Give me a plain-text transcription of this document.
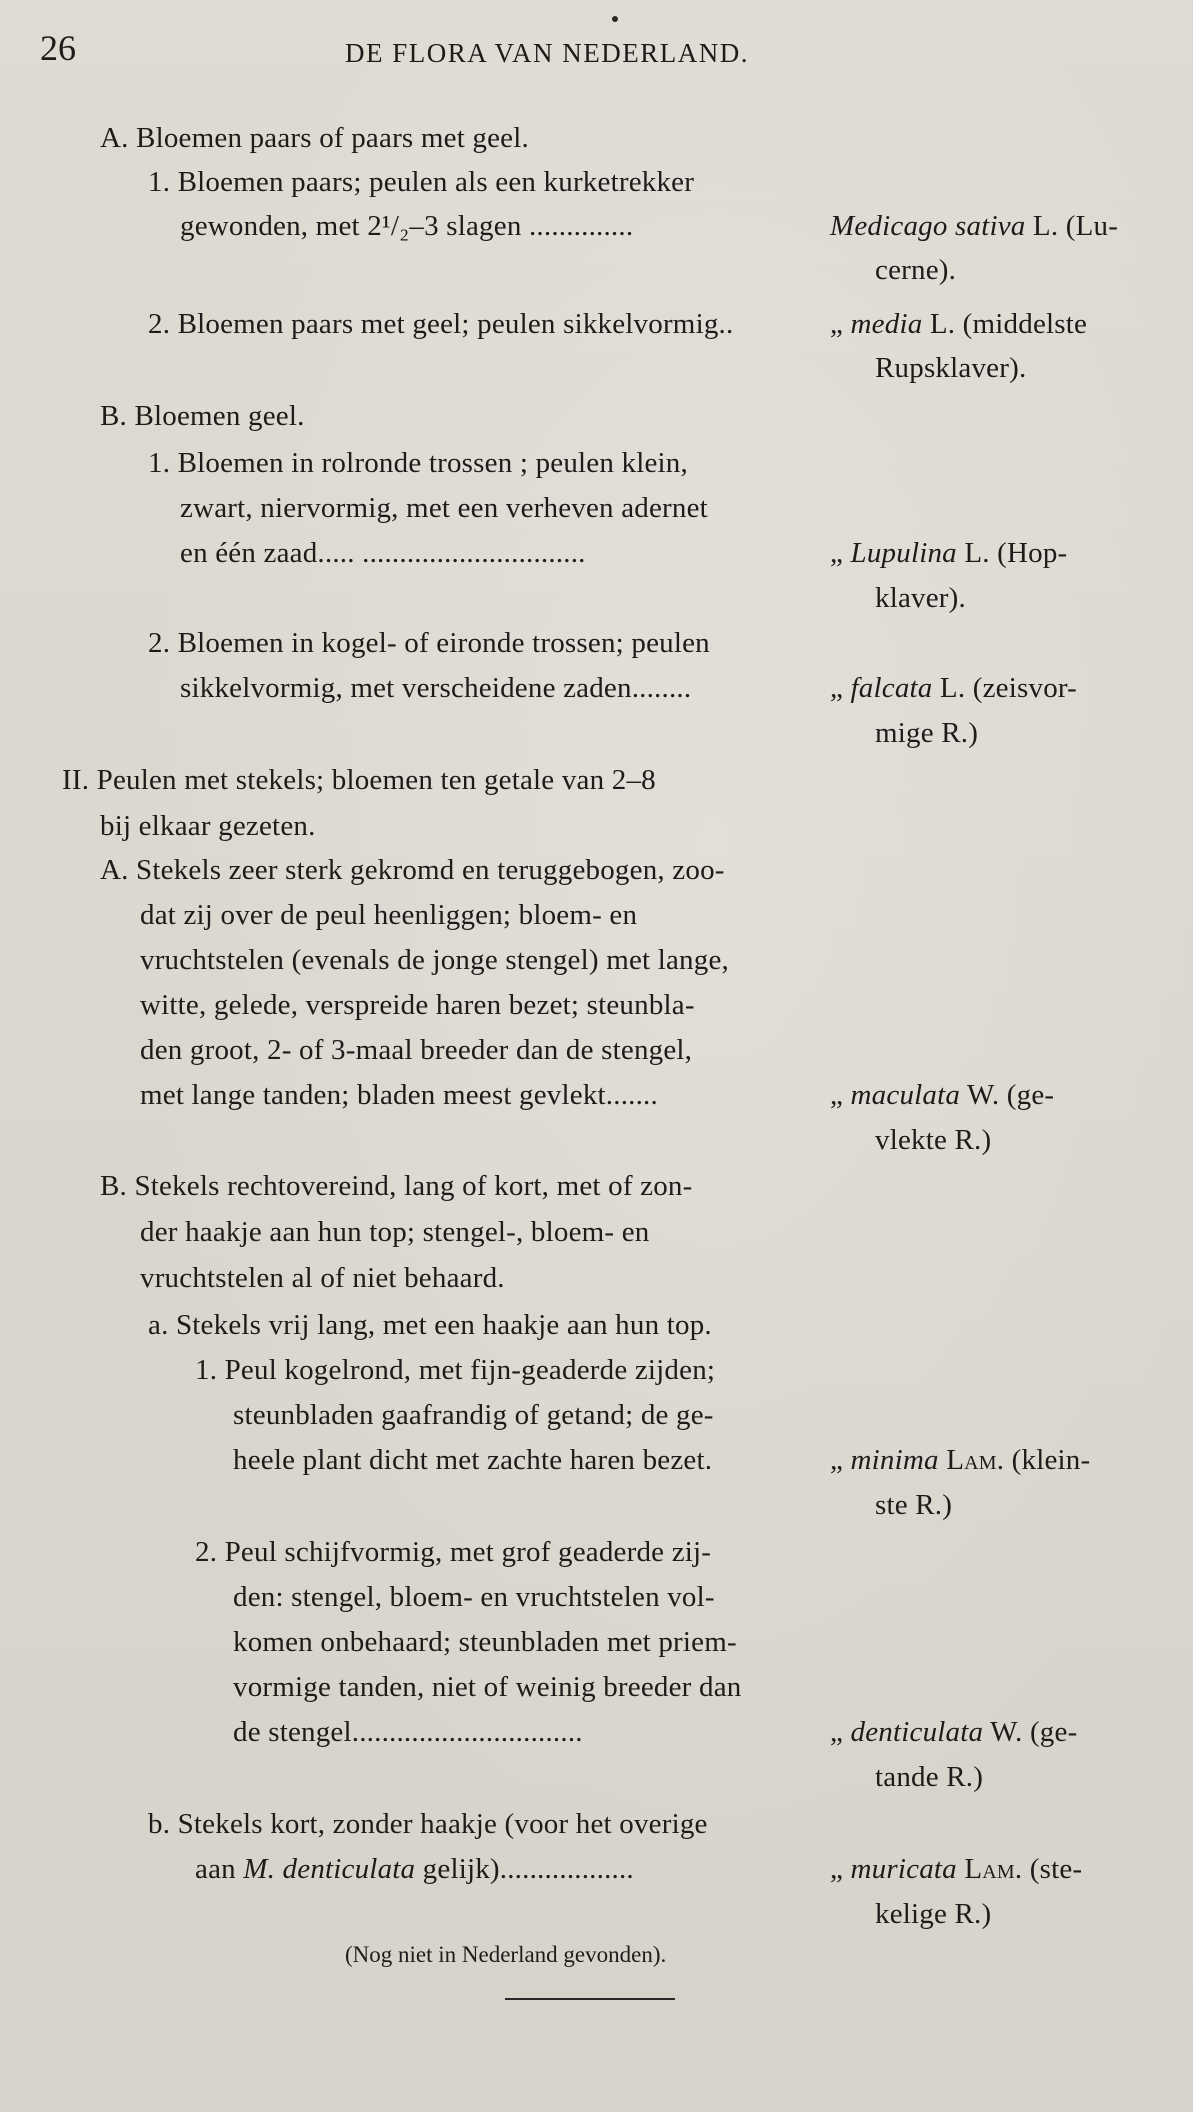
26	DE FLORA VAN NEDERLAND.
A. Bloemen paars of paars met geel.
1. Bloemen paars; peulen als een kurketrekker
gewonden, met 2¹/₂–3 slagen ..............	Medicago sativa L. (Lu-
cerne).
2. Bloemen paars met geel; peulen sikkelvormig..	„ media L. (middelste
Rupsklaver).
B. Bloemen geel.
1. Bloemen in rolronde trossen ; peulen klein,
zwart, niervormig, met een verheven adernet
en één zaad..... ..............................	„ Lupulina L. (Hop-
klaver).
2. Bloemen in kogel- of eironde trossen; peulen
sikkelvormig, met verscheidene zaden........	„ falcata L. (zeisvor-
mige R.)
II. Peulen met stekels; bloemen ten getale van 2–8
bij elkaar gezeten.
A. Stekels zeer sterk gekromd en teruggebogen, zoo-
dat zij over de peul heenliggen; bloem- en
vruchtstelen (evenals de jonge stengel) met lange,
witte, gelede, verspreide haren bezet; steunbla-
den groot, 2- of 3-maal breeder dan de stengel,
met lange tanden; bladen meest gevlekt.......	„ maculata W. (ge-
vlekte R.)
B. Stekels rechtovereind, lang of kort, met of zon-
der haakje aan hun top; stengel-, bloem- en
vruchtstelen al of niet behaard.
a. Stekels vrij lang, met een haakje aan hun top.
1. Peul kogelrond, met fijn-geaderde zijden;
steunbladen gaafrandig of getand; de ge-
heele plant dicht met zachte haren bezet.	„ minima Lam. (klein-
ste R.)
2. Peul schijfvormig, met grof geaderde zij-
den: stengel, bloem- en vruchtstelen vol-
komen onbehaard; steunbladen met priem-
vormige tanden, niet of weinig breeder dan
de stengel...............................	„ denticulata W. (ge-
tande R.)
b. Stekels kort, zonder haakje (voor het overige
aan M. denticulata gelijk)..................	„ muricata Lam. (ste-
kelige R.)
(Nog niet in Nederland gevonden).
